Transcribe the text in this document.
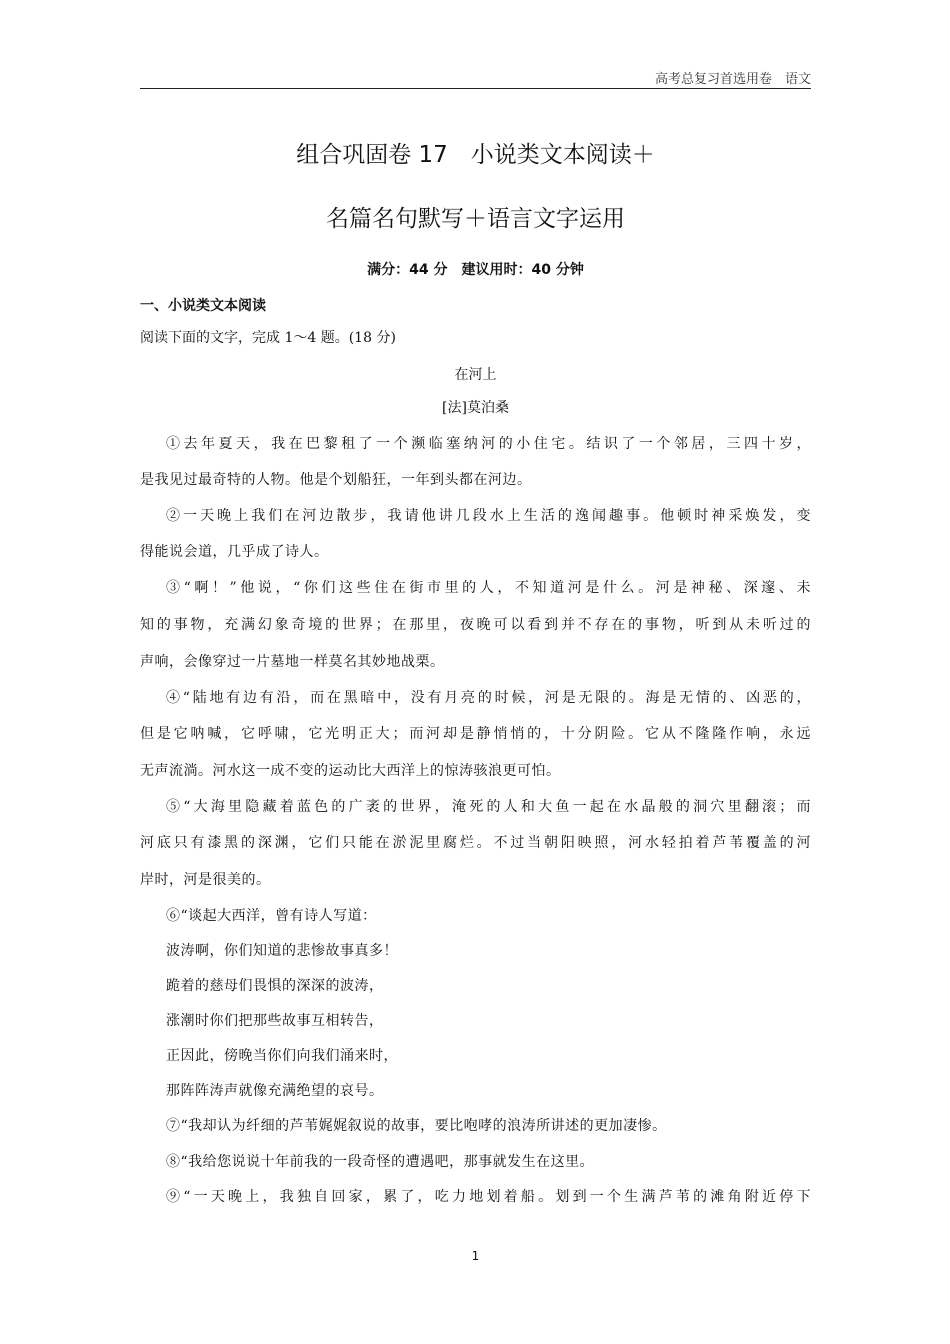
高考总复习首选用卷　语文
组合巩固卷 17　小说类文本阅读＋
名篇名句默写＋语言文字运用
满分：44 分　建议用时：40 分钟
一、小说类文本阅读
阅读下面的文字，完成 1～4 题。(18 分)
在河上
[法]莫泊桑
①去年夏天，我在巴黎租了一个濒临塞纳河的小住宅。结识了一个邻居，三四十岁，
是我见过最奇特的人物。他是个划船狂，一年到头都在河边。
②一天晚上我们在河边散步，我请他讲几段水上生活的逸闻趣事。他顿时神采焕发，变
得能说会道，几乎成了诗人。
③“啊！”他说，“你们这些住在街市里的人，不知道河是什么。河是神秘、深邃、未
知的事物，充满幻象奇境的世界；在那里，夜晚可以看到并不存在的事物，听到从未听过的
声响，会像穿过一片墓地一样莫名其妙地战栗。
④“陆地有边有沿，而在黑暗中，没有月亮的时候，河是无限的。海是无情的、凶恶的，
但是它呐喊，它呼啸，它光明正大；而河却是静悄悄的，十分阴险。它从不隆隆作响，永远
无声流淌。河水这一成不变的运动比大西洋上的惊涛骇浪更可怕。
⑤“大海里隐藏着蓝色的广袤的世界，淹死的人和大鱼一起在水晶般的洞穴里翻滚；而
河底只有漆黑的深渊，它们只能在淤泥里腐烂。不过当朝阳映照，河水轻拍着芦苇覆盖的河
岸时，河是很美的。
⑥“谈起大西洋，曾有诗人写道：
波涛啊，你们知道的悲惨故事真多！
跪着的慈母们畏惧的深深的波涛，
涨潮时你们把那些故事互相转告，
正因此，傍晚当你们向我们涌来时，
那阵阵涛声就像充满绝望的哀号。
⑦“我却认为纤细的芦苇娓娓叙说的故事，要比咆哮的浪涛所讲述的更加凄惨。
⑧“我给您说说十年前我的一段奇怪的遭遇吧，那事就发生在这里。
⑨“一天晚上，我独自回家，累了，吃力地划着船。划到一个生满芦苇的滩角附近停下
1
